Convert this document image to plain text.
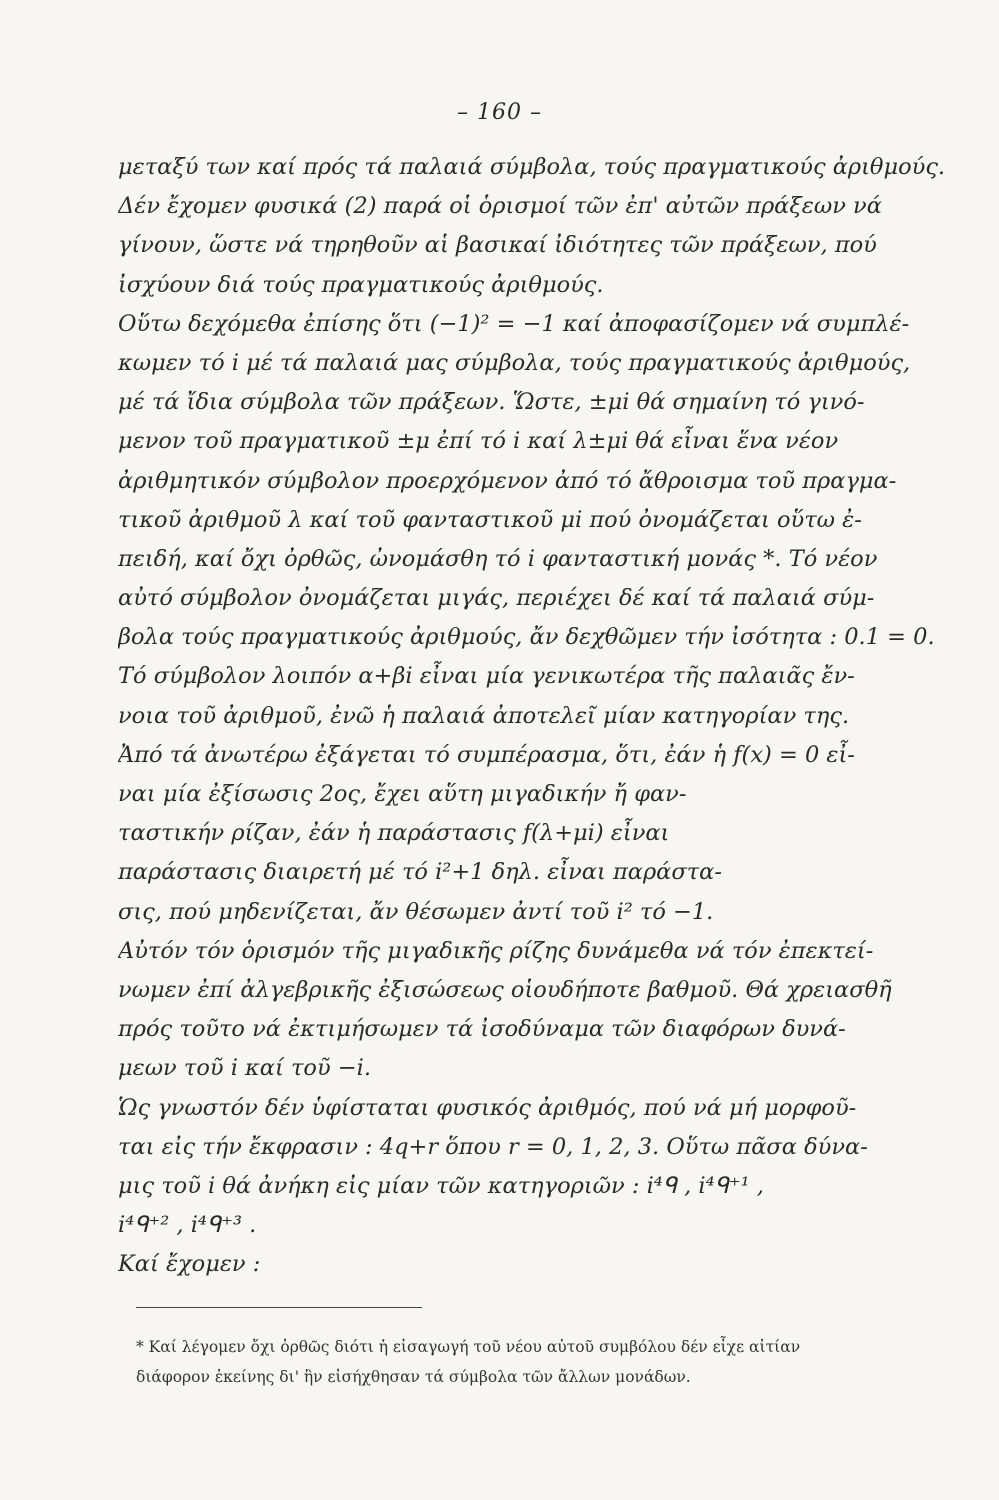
– 160 –
μεταξύ των καί πρός τά παλαιά σύμβολα, τούς πραγματικούς ἀριθμούς.
Δέν ἔχομεν φυσικά (2) παρά οἱ ὁρισμοί τῶν ἐπ' αὐτῶν πράξεων νά
γίνουν, ὥστε νά τηρηθοῦν αἱ βασικαί ἰδιότητες τῶν πράξεων, πού
ἰσχύουν διά τούς πραγματικούς ἀριθμούς.
Οὕτω δεχόμεθα ἐπίσης ὅτι (−1)² = −1 καί ἀποφασίζομεν νά συμπλέ-
κωμεν τό i μέ τά παλαιά μας σύμβολα, τούς πραγματικούς ἀριθμούς,
μέ τά ἴδια σύμβολα τῶν πράξεων. Ὥστε, ±μi θά σημαίνη τό γινό-
μενον τοῦ πραγματικοῦ ±μ ἐπί τό i καί λ±μi θά εἶναι ἕνα νέον
ἀριθμητικόν σύμβολον προερχόμενον ἀπό τό ἄθροισμα τοῦ πραγμα-
τικοῦ ἀριθμοῦ λ καί τοῦ φανταστικοῦ μi πού ὀνομάζεται οὕτω ἐ-
πειδή, καί ὄχι ὀρθῶς, ὠνομάσθη τό i φανταστική μονάς *. Τό νέον
αὐτό σύμβολον ὀνομάζεται μιγάς, περιέχει δέ καί τά παλαιά σύμ-
βολα τούς πραγματικούς ἀριθμούς, ἄν δεχθῶμεν τήν ἰσότητα : 0.1 = 0.
Τό σύμβολον λοιπόν α+βi εἶναι μία γενικωτέρα τῆς παλαιᾶς ἔν-
νοια τοῦ ἀριθμοῦ, ἐνῶ ἡ παλαιά ἀποτελεῖ μίαν κατηγορίαν της.
Ἀπό τά ἀνωτέρω ἐξάγεται τό συμπέρασμα, ὅτι, ἐάν ἡ f(x) = 0 εἶ-
ναι μία ἐξίσωσις 2ος, ἔχει αὕτη μιγαδικήν ἤ φαν-
ταστικήν ρίζαν, ἐάν ἡ παράστασις f(λ+μi) εἶναι
παράστασις διαιρετή μέ τό i²+1 δηλ. εἶναι παράστα-
σις, πού μηδενίζεται, ἄν θέσωμεν ἀντί τοῦ i² τό −1.
Αὐτόν τόν ὁρισμόν τῆς μιγαδικῆς ρίζης δυνάμεθα νά τόν ἐπεκτεί-
νωμεν ἐπί ἀλγεβρικῆς ἐξισώσεως οἱουδήποτε βαθμοῦ. Θά χρειασθῆ
πρός τοῦτο νά ἐκτιμήσωμεν τά ἰσοδύναμα τῶν διαφόρων δυνά-
μεων τοῦ i καί τοῦ −i.
Ὡς γνωστόν δέν ὑφίσταται φυσικός ἀριθμός, πού νά μή μορφοῦ-
ται εἰς τήν ἔκφρασιν : 4q+r ὅπου r = 0, 1, 2, 3. Οὕτω πᾶσα δύνα-
μις τοῦ i θά ἀνήκη εἰς μίαν τῶν κατηγοριῶν : i⁴ᑫ , i⁴ᑫ⁺¹ ,
i⁴ᑫ⁺² , i⁴ᑫ⁺³ .
Καί ἔχομεν :
* Καί λέγομεν ὄχι ὀρθῶς διότι ἡ εἰσαγωγή τοῦ νέου αὐτοῦ συμβόλου δέν εἶχε αἰτίαν
διάφορον ἐκείνης δι' ἣν εἰσήχθησαν τά σύμβολα τῶν ἄλλων μονάδων.
